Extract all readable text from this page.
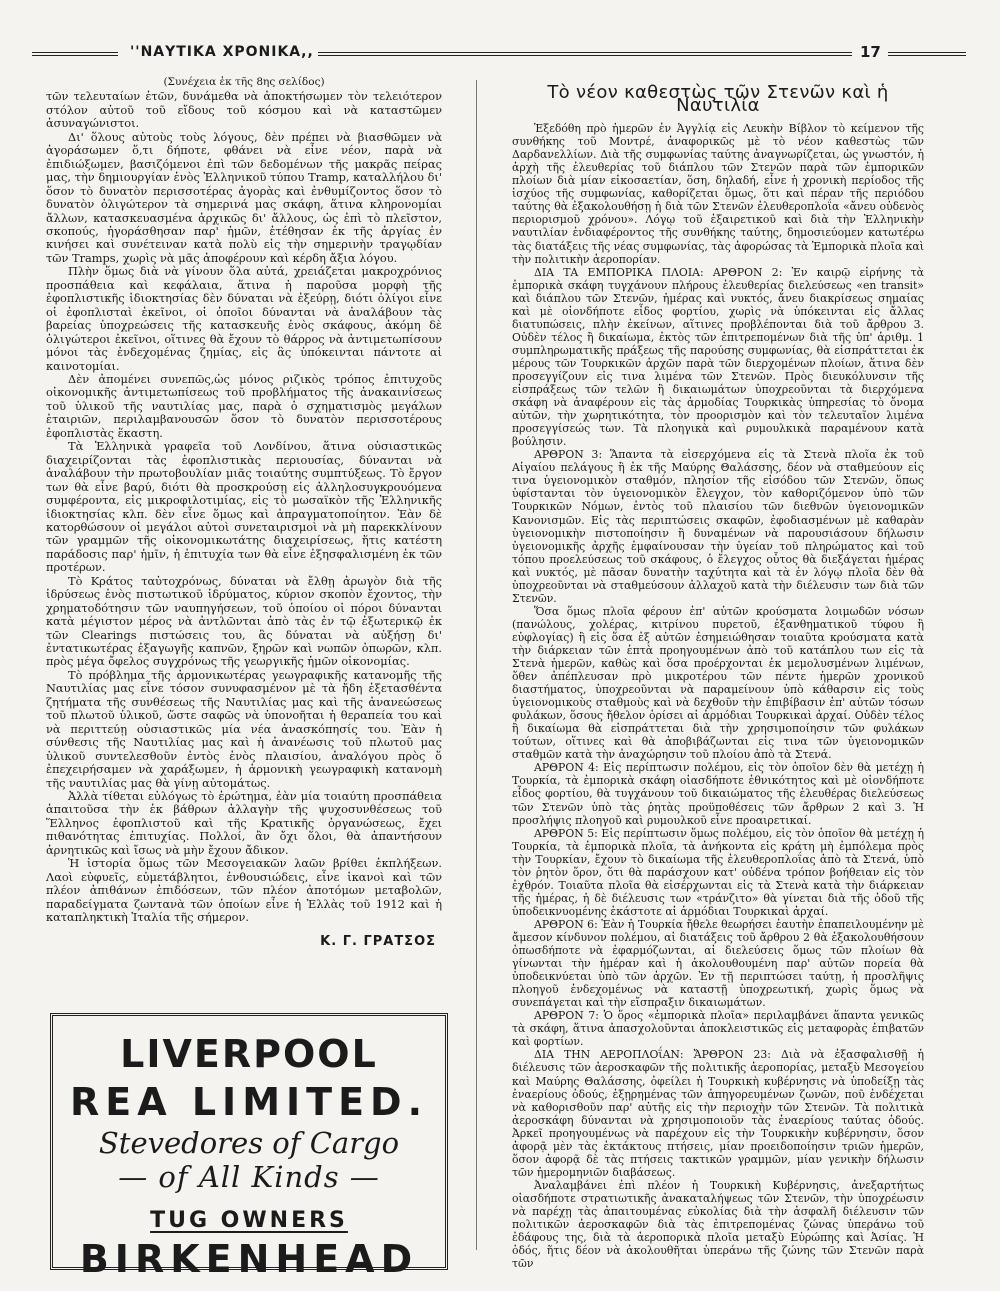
''ΝΑΥΤΙΚΑ ΧΡΟΝΙΚΑ,,	17
(Συνέχεια ἐκ τῆς 8ης σελίδος)

τῶν τελευταίων ἐτῶν, δυνάμεθα νὰ ἀποκτήσωμεν τὸν τελειότερον στόλον αὐτοῦ τοῦ εἴδους τοῦ κόσμου καὶ νὰ καταστῶμεν ἀσυναγώνιστοι.

Δι' ὅλους αὐτοὺς τοὺς λόγους, δὲν πρέπει νὰ βιασθῶμεν νὰ ἀγοράσωμεν ὅ,τι δήποτε, φθάνει νὰ εἶνε νέον, παρὰ νὰ ἐπιδιώξωμεν, βασιζόμενοι ἐπὶ τῶν δεδομένων τῆς μακρᾶς πείρας μας, τὴν δημιουργίαν ἑνὸς Ἑλληνικοῦ τύπου Tramp, καταλλήλου δι' ὅσον τὸ δυνατὸν περισσοτέρας ἀγορὰς καὶ ἐνθυμίζοντος ὅσον τὸ δυνατὸν ὀλιγώτερον τὰ σημερινά μας σκάφη, ἅτινα κληρονομίαι ἄλλων, κατασκευασμένα ἀρχικῶς δι' ἄλλους, ὡς ἐπὶ τὸ πλεῖστον, σκοπούς, ἠγοράσθησαν παρ' ἡμῶν, ἐτέθησαν ἐκ τῆς ἀργίας ἐν κινήσει καὶ συνέτειναν κατὰ πολὺ εἰς τὴν σημερινὴν τραγῳδίαν τῶν Tramps, χωρὶς νὰ μᾶς ἀποφέρουν καὶ κέρδη ἄξια λόγου.

Πλὴν ὅμως διὰ νὰ γίνουν ὅλα αὐτά, χρειάζεται μακροχρόνιος προσπάθεια καὶ κεφάλαια, ἅτινα ἡ παροῦσα μορφὴ τῆς ἐφοπλιστικῆς ἰδιοκτησίας δὲν δύναται νὰ ἐξεύρῃ, διότι ὀλίγοι εἶνε οἱ ἐφοπλισταὶ ἐκεῖνοι, οἱ ὁποῖοι δύνανται νὰ ἀναλάβουν τὰς βαρείας ὑποχρεώσεις τῆς κατασκευῆς ἑνὸς σκάφους, ἀκόμη δὲ ὀλιγώτεροι ἐκεῖνοι, οἵτινες θὰ ἔχουν τὸ θάρρος νὰ ἀντιμετωπίσουν μόνοι τὰς ἐνδεχομένας ζημίας, εἰς ἃς ὑπόκεινται πάντοτε αἱ καινοτομίαι.

Δὲν ἀπομένει συνεπῶς,ὡς μόνος ριζικὸς τρόπος ἐπιτυχοῦς οἰκονομικῆς ἀντιμετωπίσεως τοῦ προβλήματος τῆς ἀνακαινίσεως τοῦ ὑλικοῦ τῆς ναυτιλίας μας, παρὰ ὁ σχηματισμὸς μεγάλων ἑταιριῶν, περιλαμβανουσῶν ὅσον τὸ δυνατὸν περισσοτέρους ἐφοπλιστὰς ἕκαστη.

Τὰ Ἑλληνικὰ γραφεῖα τοῦ Λονδίνου, ἅτινα οὐσιαστικῶς διαχειρίζονται τὰς ἐφοπλιστικὰς περιουσίας, δύνανται νὰ ἀναλάβουν τὴν πρωτοβουλίαν μιᾶς τοιαύτης συμπτύξεως. Τὸ ἔργον των θὰ εἶνε βαρύ, διότι θὰ προσκρούσῃ εἰς ἀλληλοσυγκρουόμενα συμφέροντα, εἰς μικροφιλοτιμίας, εἰς τὸ μωσαϊκὸν τῆς Ἑλληνικῆς ἰδιοκτησίας κλπ. δὲν εἶνε ὅμως καὶ ἀπραγματοποίητον. Ἐὰν δὲ κατορθώσουν οἱ μεγάλοι αὐτοὶ συνεταιρισμοὶ νὰ μὴ παρεκκλίνουν τῶν γραμμῶν τῆς οἰκονομικωτάτης διαχειρίσεως, ἥτις κατέστη παράδοσις παρ' ἡμῖν, ἡ ἐπιτυχία των θὰ εἶνε ἐξησφαλισμένη ἐκ τῶν προτέρων.

Τὸ Κράτος ταὐτοχρόνως, δύναται νὰ ἔλθῃ ἀρωγὸν διὰ τῆς ἱδρύσεως ἑνὸς πιστωτικοῦ ἱδρύματος, κύριον σκοπὸν ἔχοντος, τὴν χρηματοδότησιν τῶν ναυπηγήσεων, τοῦ ὁποίου οἱ πόροι δύνανται κατὰ μέγιστον μέρος νὰ ἀντλῶνται ἀπὸ τὰς ἐν τῷ ἐξωτερικῷ ἐκ τῶν Clearings πιστώσεις του, ἃς δύναται νὰ αὐξήσῃ δι' ἐντατικωτέρας ἐξαγωγῆς καπνῶν, ξηρῶν καὶ νωπῶν ὀπωρῶν, κλπ. πρὸς μέγα ὄφελος συγχρόνως τῆς γεωργικῆς ἡμῶν οἰκονομίας.

Τὸ πρόβλημα τῆς ἁρμονικωτέρας γεωγραφικῆς κατανομῆς τῆς Ναυτιλίας μας εἶνε τόσον συνυφασμένον μὲ τὰ ἤδη ἐξετασθέντα ζητήματα τῆς συνθέσεως τῆς Ναυτιλίας μας καὶ τῆς ἀνανεώσεως τοῦ πλωτοῦ ὑλικοῦ, ὥστε σαφῶς νὰ ὑπονοῆται ἡ θεραπεία του καὶ νὰ περιττεύῃ οὐσιαστικῶς μία νέα ἀνασκόπησίς του. Ἐὰν ἡ σύνθεσις τῆς Ναυτιλίας μας καὶ ἡ ἀνανέωσις τοῦ πλωτοῦ μας ὑλικοῦ συντελεσθοῦν ἐντὸς ἑνὸς πλαισίου, ἀναλόγου πρὸς ὅ ἐπεχειρήσαμεν νὰ χαράξωμεν, ἡ ἁρμονικὴ γεωγραφικὴ κατανομὴ τῆς ναυτιλίας μας θὰ γίνῃ αὐτομάτως.

Ἀλλὰ τίθεται εὐλόγως τὸ ἐρώτημα, ἐὰν μία τοιαύτη προσπάθεια ἀπαιτοῦσα τὴν ἐκ βάθρων ἀλλαγὴν τῆς ψυχοσυνθέσεως τοῦ Ἕλληνος ἐφοπλιστοῦ καὶ τῆς Κρατικῆς ὀργανώσεως, ἔχει πιθανότητας ἐπιτυχίας. Πολλοί, ἂν ὄχι ὅλοι, θὰ ἀπαντήσουν ἀρνητικῶς καὶ ἴσως νὰ μὴν ἔχουν ἄδικον.

Ἡ ἱστορία ὅμως τῶν Μεσογειακῶν λαῶν βρίθει ἐκπλήξεων. Λαοὶ εὐφυεῖς, εὐμετάβλητοι, ἐνθουσιώδεις, εἶνε ἱκανοὶ καὶ τῶν πλέον ἀπιθάνων ἐπιδόσεων, τῶν πλέον ἀποτόμων μεταβολῶν, παραδείγματα ζωντανὰ τῶν ὁποίων εἶνε ἡ Ἑλλὰς τοῦ 1912 καὶ ἡ καταπληκτικὴ Ἰταλία τῆς σήμερον.

Κ. Γ. ΓΡΑΤΣΟΣ
LIVERPOOL
REA LIMITED.
Stevedores of Cargo
— of All Kinds —
TUG OWNERS
BIRKENHEAD
Τὸ νέον καθεστὼς τῶν Στενῶν καὶ ἡ Ναυτιλία

Ἐξεδόθη πρὸ ἡμερῶν ἐν Ἀγγλίᾳ εἰς Λευκὴν Βίβλον τὸ κείμενον τῆς συνθήκης τοῦ Μοντρέ, ἀναφορικῶς μὲ τὸ νέον καθεστὼς τῶν Δαρδανελλίων. Διὰ τῆς συμφωνίας ταύτης ἀναγνωρίζεται, ὡς γνωστόν, ἡ ἀρχὴ τῆς ἐλευθερίας τοῦ διάπλου τῶν Στενῶν παρὰ τῶν ἐμπορικῶν πλοίων διὰ μίαν εἰκοσαετίαν, ὅση, δηλαδή, εἶνε ἡ χρονικὴ περίοδος τῆς ἰσχύος τῆς συμφωνίας, καθορίζεται ὅμως, ὅτι καὶ πέραν τῆς περιόδου ταύτης θὰ ἐξακολουθήσῃ ἡ διὰ τῶν Στενῶν ἐλευθεροπλοΐα «ἄνευ οὐδενὸς περιορισμοῦ χρόνου». Λόγῳ τοῦ ἐξαιρετικοῦ καὶ διὰ τὴν Ἑλληνικὴν ναυτιλίαν ἐνδιαφέροντος τῆς συνθήκης ταύτης, δημοσιεύομεν κατωτέρω τὰς διατάξεις τῆς νέας συμφωνίας, τὰς ἀφορώσας τὰ Ἐμπορικὰ πλοῖα καὶ τὴν πολιτικὴν ἀεροπορίαν.

ΔΙΑ ΤΑ ΕΜΠΟΡΙΚΑ ΠΛΟΙΑ: ΑΡΘΡΟΝ 2: Ἐν καιρῷ εἰρήνης τὰ ἐμπορικὰ σκάφη τυγχάνουν πλήρους ἐλευθερίας διελεύσεως «en transit» καὶ διάπλου τῶν Στενῶν, ἡμέρας καὶ νυκτός, ἄνευ διακρίσεως σημαίας καὶ μὲ οἱονδήποτε εἶδος φορτίου, χωρὶς νὰ ὑπόκεινται εἰς ἄλλας διατυπώσεις, πλὴν ἐκείνων, αἵτινες προβλέπονται διὰ τοῦ ἄρθρου 3. Οὐδὲν τέλος ἢ δικαίωμα, ἐκτὸς τῶν ἐπιτρεπομένων διὰ τῆς ὑπ' ἀριθμ. 1 συμπληρωματικῆς πράξεως τῆς παρούσης συμφωνίας, θὰ εἰσπράττεται ἐκ μέρους τῶν Τουρκικῶν ἀρχῶν παρὰ τῶν διερχομένων πλοίων, ἅτινα δὲν προσεγγίζουν εἰς τινα λιμένα τῶν Στενῶν. Πρὸς διευκόλυνσιν τῆς εἰσπράξεως τῶν τελῶν ἢ δικαιωμάτων ὑποχρεοῦνται τὰ διερχόμενα σκάφη νὰ ἀναφέρουν εἰς τὰς ἁρμοδίας Τουρκικὰς ὑπηρεσίας τὸ ὄνομα αὐτῶν, τὴν χωρητικότητα, τὸν προορισμὸν καὶ τὸν τελευταῖον λιμένα προσεγγίσεώς των. Τὰ πλοηγικὰ καὶ ρυμουλκικὰ παραμένουν κατὰ βούλησιν.

ΑΡΘΡΟΝ 3: Ἅπαντα τὰ εἰσερχόμενα εἰς τὰ Στενὰ πλοῖα ἐκ τοῦ Αἰγαίου πελάγους ἢ ἐκ τῆς Μαύρης Θαλάσσης, δέον νὰ σταθμεύουν εἰς τινα ὑγειονομικὸν σταθμόν, πλησίον τῆς εἰσόδου τῶν Στενῶν, ὅπως ὑφίστανται τὸν ὑγειονομικὸν ἔλεγχον, τὸν καθοριζόμενον ὑπὸ τῶν Τουρκικῶν Νόμων, ἐντὸς τοῦ πλαισίου τῶν διεθνῶν ὑγειονομικῶν Κανονισμῶν. Εἰς τὰς περιπτώσεις σκαφῶν, ἐφοδιασμένων μὲ καθαρὰν ὑγειονομικὴν πιστοποίησιν ἢ δυναμένων νὰ παρουσιάσουν δήλωσιν ὑγειονομικῆς ἀρχῆς ἐμφαίνουσαν τὴν ὑγείαν τοῦ πληρώματος καὶ τοῦ τόπου προελεύσεως τοῦ σκάφους, ὁ ἔλεγχος οὗτος θὰ διεξάγεται ἡμέρας καὶ νυκτός, μὲ πᾶσαν δυνατὴν ταχύτητα καὶ τὰ ἐν λόγῳ πλοῖα δὲν θὰ ὑποχρεοῦνται νὰ σταθμεύσουν ἀλλαχοῦ κατὰ τὴν διέλευσιν των διὰ τῶν Στενῶν.

Ὅσα ὅμως πλοῖα φέρουν ἐπ' αὐτῶν κρούσματα λοιμωδῶν νόσων (πανώλους, χολέρας, κιτρίνου πυρετοῦ, ἐξανθηματικοῦ τύφου ἢ εὐφλογίας) ἢ εἰς ὅσα ἐξ αὐτῶν ἐσημειώθησαν τοιαῦτα κρούσματα κατὰ τὴν διάρκειαν τῶν ἑπτὰ προηγουμένων ἀπὸ τοῦ κατάπλου των εἰς τὰ Στενὰ ἡμερῶν, καθὼς καὶ ὅσα προέρχονται ἐκ μεμολυσμένων λιμένων, ὅθεν ἀπέπλευσαν πρὸ μικροτέρου τῶν πέντε ἡμερῶν χρονικοῦ διαστήματος, ὑποχρεοῦνται νὰ παραμείνουν ὑπὸ κάθαρσιν εἰς τοὺς ὑγειονομικοὺς σταθμοὺς καὶ νὰ δεχθοῦν τὴν ἐπιβίβασιν ἐπ' αὐτῶν τόσων φυλάκων, ὅσους ἤθελον ὁρίσει αἱ ἁρμόδιαι Τουρκικαὶ ἀρχαί. Οὐδὲν τέλος ἢ δικαίωμα θὰ εἰσπράττεται διὰ τὴν χρησιμοποίησιν τῶν φυλάκων τούτων, οἵτινες καὶ θὰ ἀποβιβάζωνται εἰς τινα τῶν ὑγειονομικῶν σταθμῶν κατὰ τὴν ἀναχώρησιν τοῦ πλοίου ἀπὸ τὰ Στενά.

ΑΡΘΡΟΝ 4: Εἰς περίπτωσιν πολέμου, εἰς τὸν ὁποῖον δὲν θὰ μετέχῃ ἡ Τουρκία, τὰ ἐμπορικὰ σκάφη οἱασδήποτε ἐθνικότητος καὶ μὲ οἱονδήποτε εἶδος φορτίου, θὰ τυγχάνουν τοῦ δικαιώματος τῆς ἐλευθέρας διελεύσεως τῶν Στενῶν ὑπὸ τὰς ῥητὰς προϋποθέσεις τῶν ἄρθρων 2 καὶ 3. Ἡ προσλήψις πλοηγοῦ καὶ ρυμουλκοῦ εἶνε προαιρετικαί.

ΑΡΘΡΟΝ 5: Εἰς περίπτωσιν ὅμως πολέμου, εἰς τὸν ὁποῖον θὰ μετέχῃ ἡ Τουρκία, τὰ ἐμπορικὰ πλοῖα, τὰ ἀνήκοντα εἰς κράτη μὴ ἐμπόλεμα πρὸς τὴν Τουρκίαν, ἔχουν τὸ δικαίωμα τῆς ἐλευθεροπλοΐας ἀπὸ τὰ Στενά, ὑπὸ τὸν ῥητὸν ὅρον, ὅτι θὰ παράσχουν κατ' οὐδένα τρόπον βοήθειαν εἰς τὸν ἐχθρόν. Τοιαῦτα πλοῖα θὰ εἰσέρχωνται εἰς τὰ Στενὰ κατὰ τὴν διάρκειαν τῆς ἡμέρας, ἡ δὲ διέλευσις των «τράνζιτο» θὰ γίνεται διὰ τῆς ὁδοῦ τῆς ὑποδεικνυομένης ἑκάστοτε αἱ ἁρμόδιαι Τουρκικαὶ ἀρχαί.

ΑΡΘΡΟΝ 6: Ἐὰν ἡ Τουρκία ἤθελε θεωρήσει ἑαυτὴν ἐπαπειλουμένην μὲ ἄμεσον κίνδυνον πολέμου, αἱ διατάξεις τοῦ ἄρθρου 2 θὰ ἐξακολουθήσουν ὁπωσδήποτε νὰ ἐφαρμόζωνται, αἱ διελεύσεις ὅμως τῶν πλοίων θὰ γίνωνται τὴν ἡμέραν καὶ ἡ ἀκολουθουμένη παρ' αὐτῶν πορεία θὰ ὑποδεικνύεται ὑπὸ τῶν ἀρχῶν. Ἐν τῇ περιπτώσει ταύτῃ, ἡ προσλῆψις πλοηγοῦ ἐνδεχομένως νὰ καταστῇ ὑποχρεωτική, χωρὶς ὅμως νὰ συνεπάγεται καὶ τὴν εἴσπραξιν δικαιωμάτων.

ΑΡΘΡΟΝ 7: Ὁ ὅρος «ἐμπορικὰ πλοῖα» περιλαμβάνει ἅπαντα γενικῶς τὰ σκάφη, ἅτινα ἀπασχολοῦνται ἀποκλειστικῶς εἰς μεταφορὰς ἐπιβατῶν καὶ φορτίων.

ΔΙΑ ΤΗΝ ΑΕΡΟΠΛΟΐΑΝ: ἌΡΘΡΟΝ 23: Διὰ νὰ ἐξασφαλισθῇ ἡ διέλευσις τῶν ἀεροσκαφῶν τῆς πολιτικῆς ἀεροπορίας, μεταξὺ Μεσογείου καὶ Μαύρης Θαλάσσης, ὀφείλει ἡ Τουρκικὴ κυβέρνησις νὰ ὑποδείξῃ τὰς ἐναερίους ὁδούς, ἐξῃρημένας τῶν ἀπηγορευμένων ζωνῶν, ποῦ ἐνδέχεται νὰ καθορισθοῦν παρ' αὐτῆς εἰς τὴν περιοχὴν τῶν Στενῶν. Τὰ πολιτικὰ ἀεροσκάφη δύνανται νὰ χρησιμοποιοῦν τὰς ἐναερίους ταύτας ὁδούς. Ἀρκεῖ προηγουμένως νὰ παρέχουν εἰς τὴν Τουρκικὴν κυβέρνησιν, ὅσον ἀφορᾷ μὲν τὰς ἐκτάκτους πτήσεις, μίαν προειδοποίησιν τριῶν ἡμερῶν, ὅσον ἀφορᾷ δὲ τὰς πτήσεις τακτικῶν γραμμῶν, μίαν γενικὴν δήλωσιν τῶν ἡμερομηνιῶν διαβάσεως.

Ἀναλαμβάνει ἐπὶ πλέον ἡ Τουρκικὴ Κυβέρνησις, ἀνεξαρτήτως οἱασδήποτε στρατιωτικῆς ἀνακαταλήψεως τῶν Στενῶν, τὴν ὑποχρέωσιν νὰ παρέχῃ τὰς ἀπαιτουμένας εὐκολίας διὰ τὴν ἀσφαλῆ διέλευσιν τῶν πολιτικῶν ἀεροσκαφῶν διὰ τὰς ἐπιτρεπομένας ζώνας ὑπεράνω τοῦ ἐδάφους της, διὰ τὰ ἀεροπορικὰ πλοῖα μεταξὺ Εὐρώπης καὶ Ἀσίας. Ἡ ὁδός, ἥτις δέον νὰ ἀκολουθῆται ὑπεράνω τῆς ζώνης τῶν Στενῶν παρὰ τῶν
